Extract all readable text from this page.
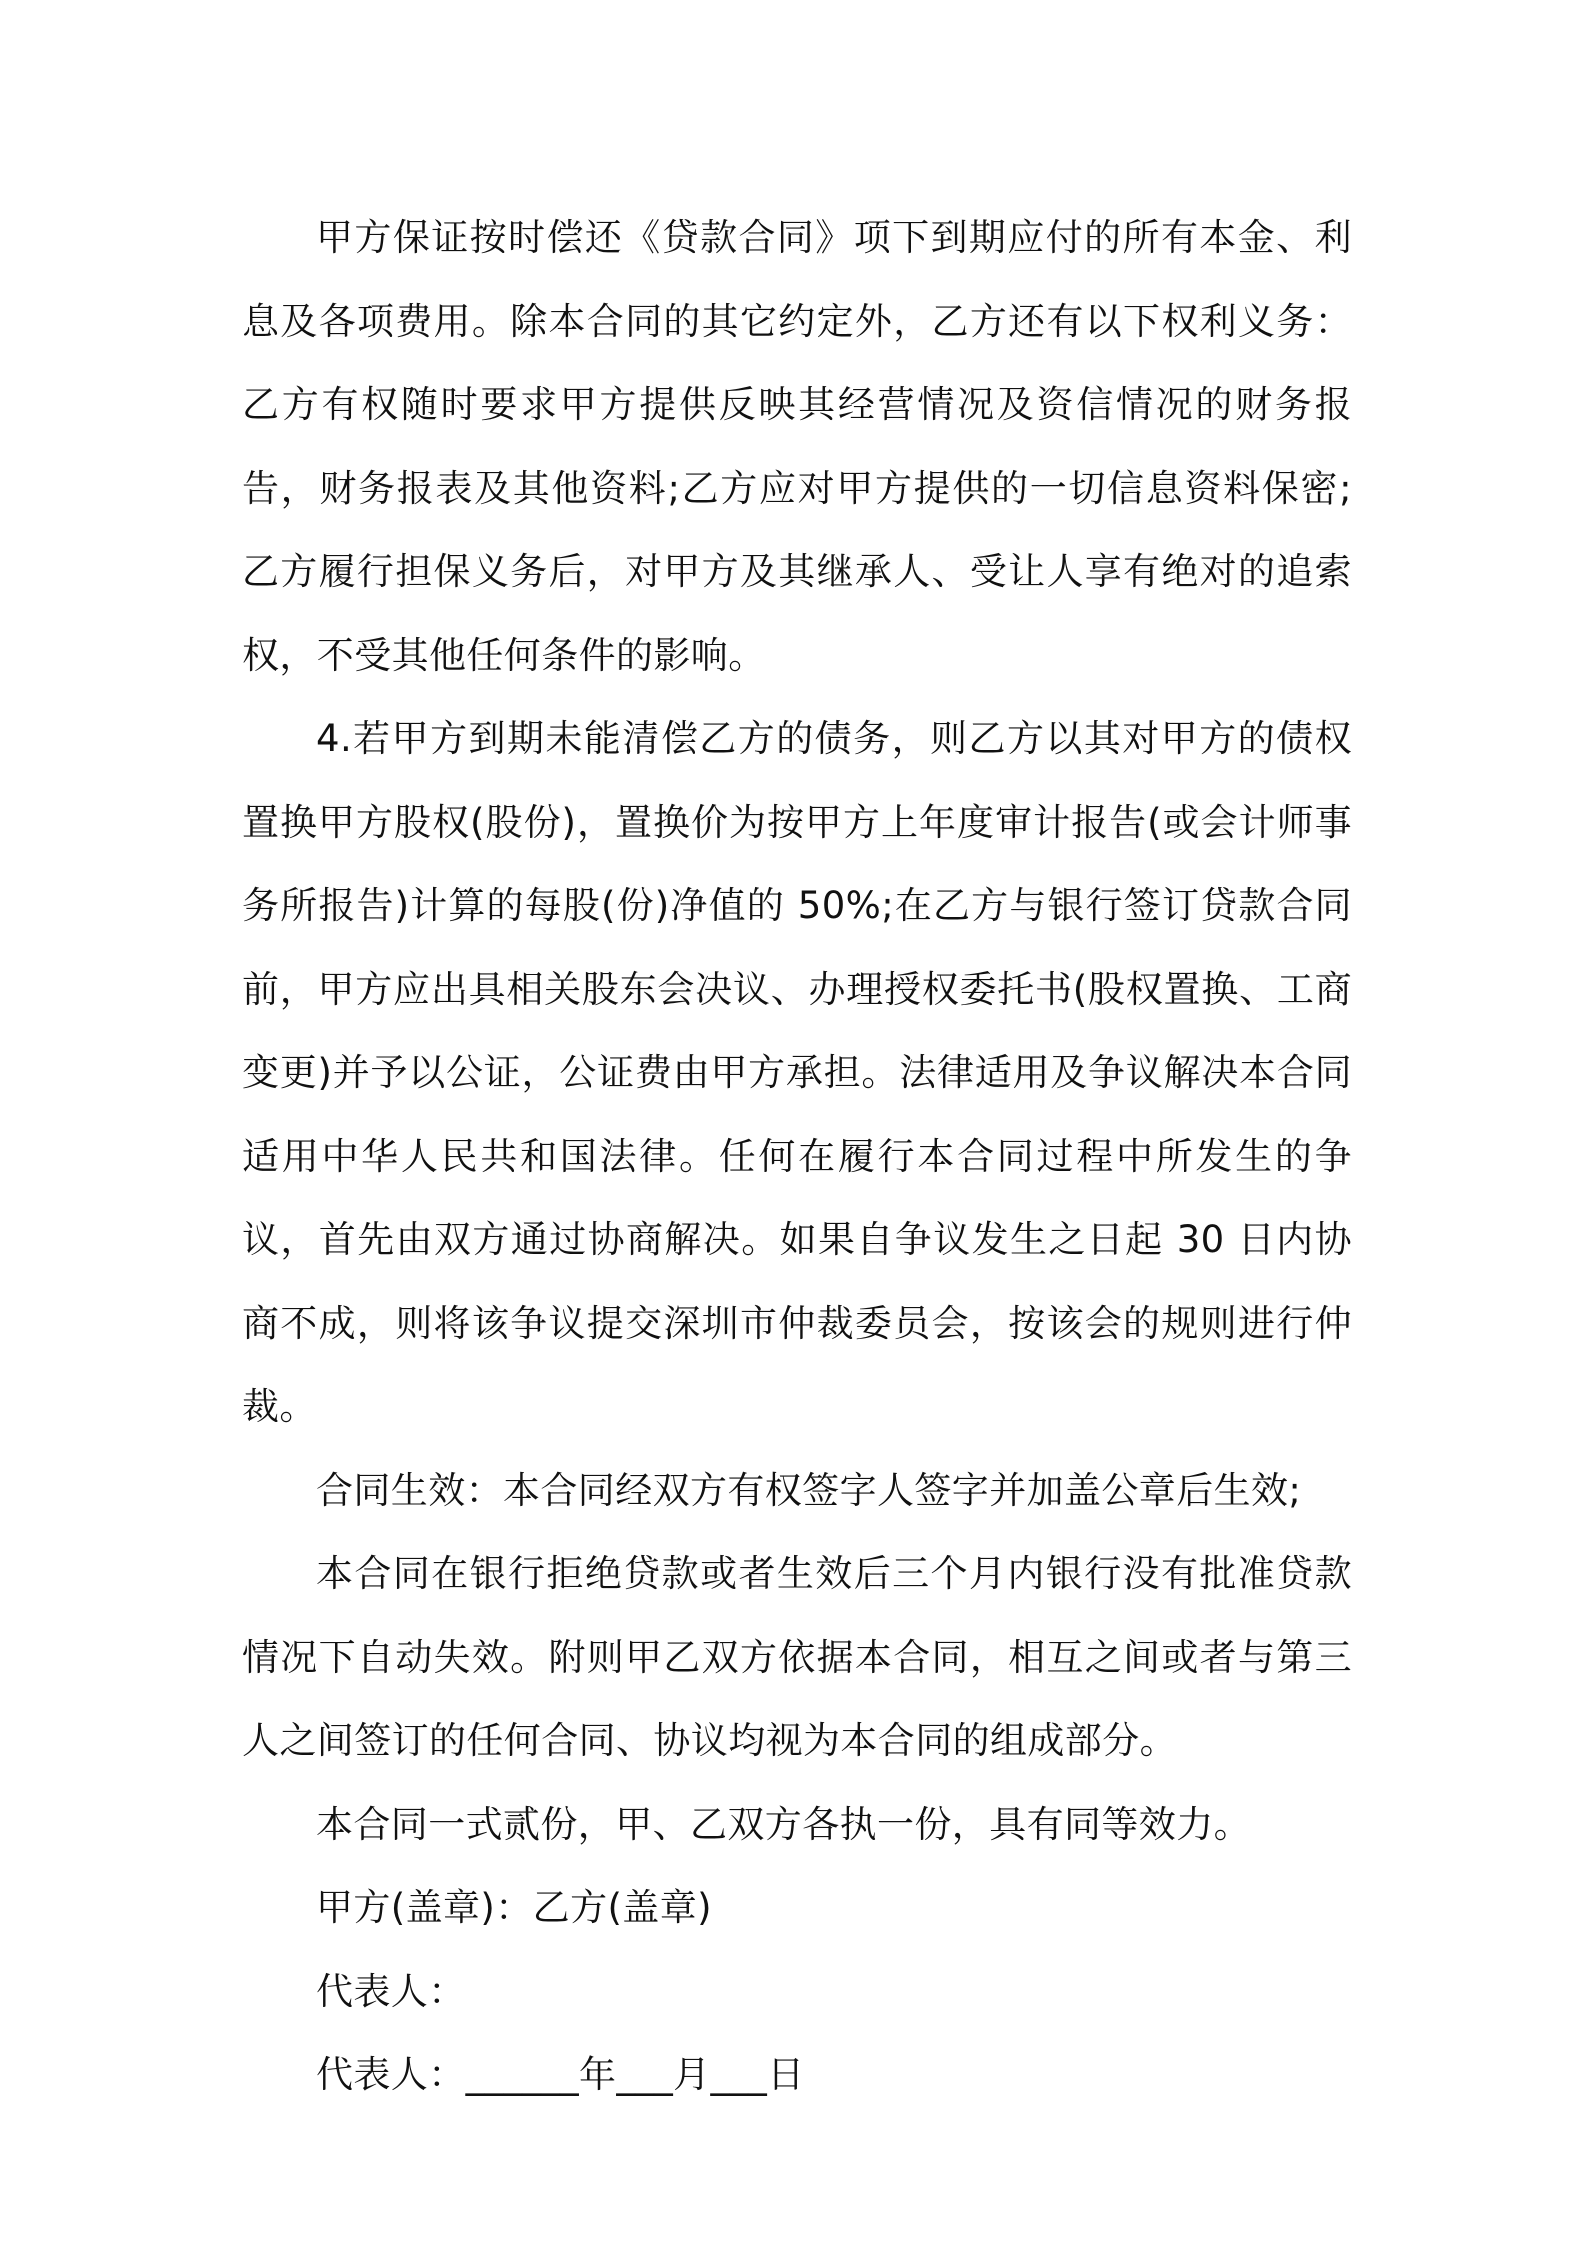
甲方保证按时偿还《贷款合同》项下到期应付的所有本金、利息及各项费用。除本合同的其它约定外，乙方还有以下权利义务：乙方有权随时要求甲方提供反映其经营情况及资信情况的财务报告，财务报表及其他资料;乙方应对甲方提供的一切信息资料保密;乙方履行担保义务后，对甲方及其继承人、受让人享有绝对的追索权，不受其他任何条件的影响。

4.若甲方到期未能清偿乙方的债务，则乙方以其对甲方的债权置换甲方股权(股份)，置换价为按甲方上年度审计报告(或会计师事务所报告)计算的每股(份)净值的 50%;在乙方与银行签订贷款合同前，甲方应出具相关股东会决议、办理授权委托书(股权置换、工商变更)并予以公证，公证费由甲方承担。法律适用及争议解决本合同适用中华人民共和国法律。任何在履行本合同过程中所发生的争议，首先由双方通过协商解决。如果自争议发生之日起 30 日内协商不成，则将该争议提交深圳市仲裁委员会，按该会的规则进行仲裁。

合同生效：本合同经双方有权签字人签字并加盖公章后生效;

本合同在银行拒绝贷款或者生效后三个月内银行没有批准贷款情况下自动失效。附则甲乙双方依据本合同，相互之间或者与第三人之间签订的任何合同、协议均视为本合同的组成部分。

本合同一式贰份，甲、乙双方各执一份，具有同等效力。

甲方(盖章)：乙方(盖章)

代表人：

代表人：______年___月___日
